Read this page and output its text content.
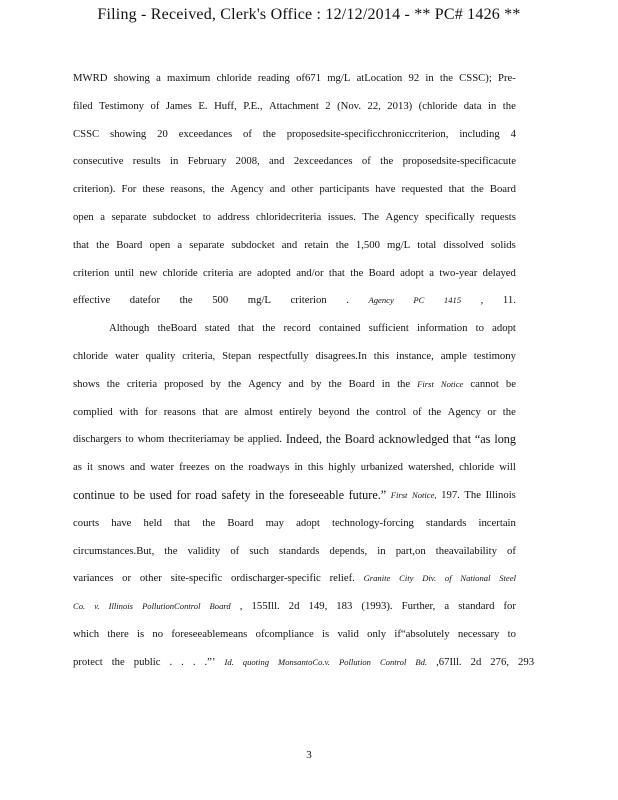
Filing - Received, Clerk's Office : 12/12/2014 - ** PC# 1426 **
MWRD showing a maximum chloride reading of671 mg/L atLocation 92 in the CSSC); Pre-
filed Testimony of James E. Huff, P.E., Attachment 2 (Nov. 22, 2013) (chloride data in the
CSSC showing 20 exceedances of the proposedsite-specificchroniccriterion, including 4
consecutive results in February 2008, and 2exceedances of the proposedsite-specificacute
criterion). For these reasons, the Agency and other participants have requested that the Board
open a separate subdocket to address chloridecriteria issues. The Agency specifically requests
that the Board open a separate subdocket and retain the 1,500 mg/L total dissolved solids
criterion until new chloride criteria are adopted and/or that the Board adopt a two-year delayed
effective datefor the 500 mg/L criterion . Agency PC 1415 , 11.
Although theBoard stated that the record contained sufficient information to adopt
chloride water quality criteria, Stepan respectfully disagrees.In this instance, ample testimony
shows the criteria proposed by the Agency and by the Board in the First Notice cannot be
complied with for reasons that are almost entirely beyond the control of the Agency or the
dischargers to whom thecriteriamay be applied. Indeed, the Board acknowledged that “as long
as it snows and water freezes on the roadways in this highly urbanized watershed, chloride will
continue to be used for road safety in the foreseeable future.” First Notice, 197. The Illinois
courts have held that the Board may adopt technology-forcing standards incertain
circumstances.But, the validity of such standards depends, in part,on theavailability of
variances or other site-specific ordischarger-specific relief. Granite City Div. of National Steel
Co. v. Illinois PollutionControl Board , 155Ill. 2d 149, 183 (1993). Further, a standard for
which there is no foreseeablemeans ofcompliance is valid only if“absolutely necessary to
protect the public . . . .”’ Id. quoting MonsantoCo.v. Pollution Control Bd. ,67Ill. 2d 276, 293
3
